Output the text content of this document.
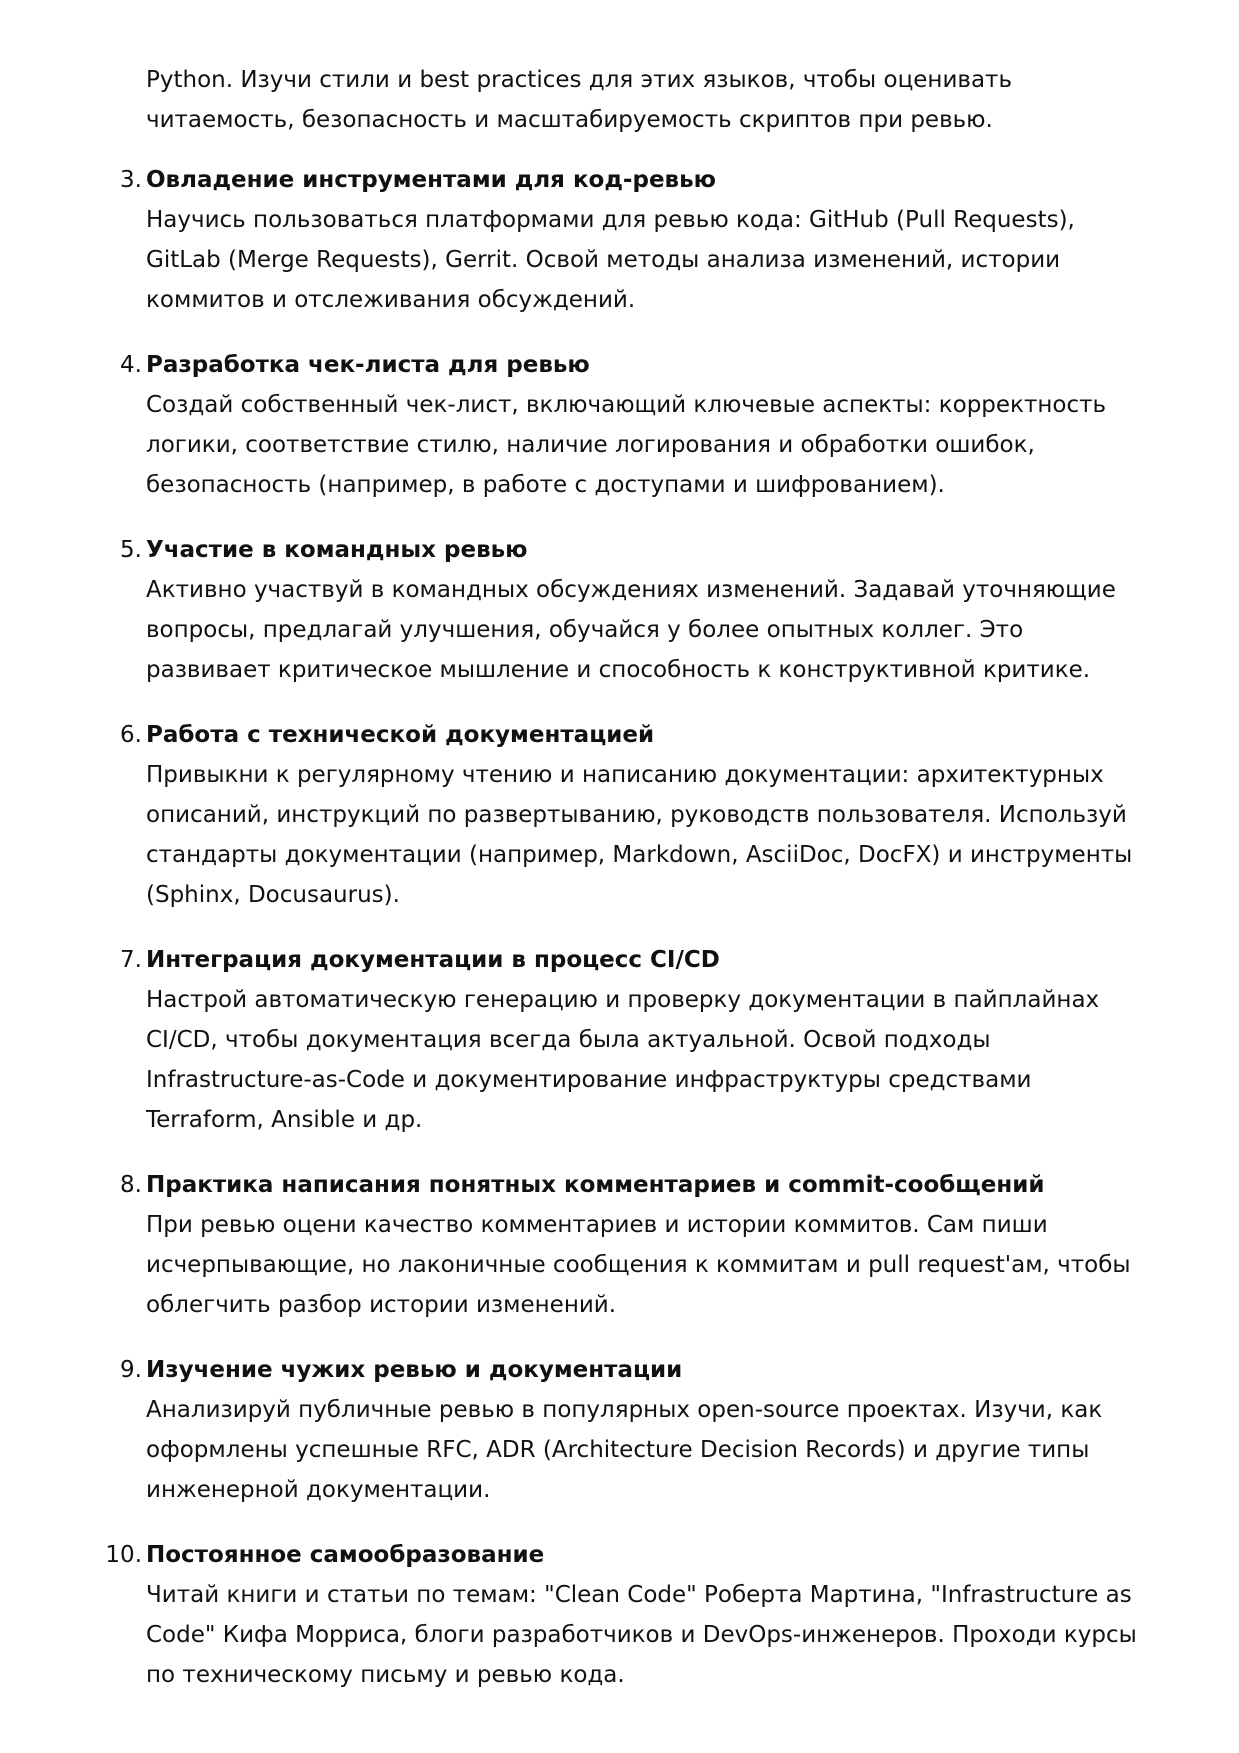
Python. Изучи стили и best practices для этих языков, чтобы оценивать читаемость, безопасность и масштабируемость скриптов при ревью.

3. Овладение инструментами для код-ревью

Научись пользоваться платформами для ревью кода: GitHub (Pull Requests), GitLab (Merge Requests), Gerrit. Освой методы анализа изменений, истории коммитов и отслеживания обсуждений.

4. Разработка чек-листа для ревью

Создай собственный чек-лист, включающий ключевые аспекты: корректность логики, соответствие стилю, наличие логирования и обработки ошибок, безопасность (например, в работе с доступами и шифрованием).

5. Участие в командных ревью

Активно участвуй в командных обсуждениях изменений. Задавай уточняющие вопросы, предлагай улучшения, обучайся у более опытных коллег. Это развивает критическое мышление и способность к конструктивной критике.

6. Работа с технической документацией

Привыкни к регулярному чтению и написанию документации: архитектурных описаний, инструкций по развертыванию, руководств пользователя. Используй стандарты документации (например, Markdown, AsciiDoc, DocFX) и инструменты (Sphinx, Docusaurus).

7. Интеграция документации в процесс CI/CD

Настрой автоматическую генерацию и проверку документации в пайплайнах CI/CD, чтобы документация всегда была актуальной. Освой подходы Infrastructure-as-Code и документирование инфраструктуры средствами Terraform, Ansible и др.

8. Практика написания понятных комментариев и commit-сообщений

При ревью оцени качество комментариев и истории коммитов. Сам пиши исчерпывающие, но лаконичные сообщения к коммитам и pull request'ам, чтобы облегчить разбор истории изменений.

9. Изучение чужих ревью и документации

Анализируй публичные ревью в популярных open-source проектах. Изучи, как оформлены успешные RFC, ADR (Architecture Decision Records) и другие типы инженерной документации.

10. Постоянное самообразование

Читай книги и статьи по темам: "Clean Code" Роберта Мартина, "Infrastructure as Code" Кифа Морриса, блоги разработчиков и DevOps-инженеров. Проходи курсы по техническому письму и ревью кода.
